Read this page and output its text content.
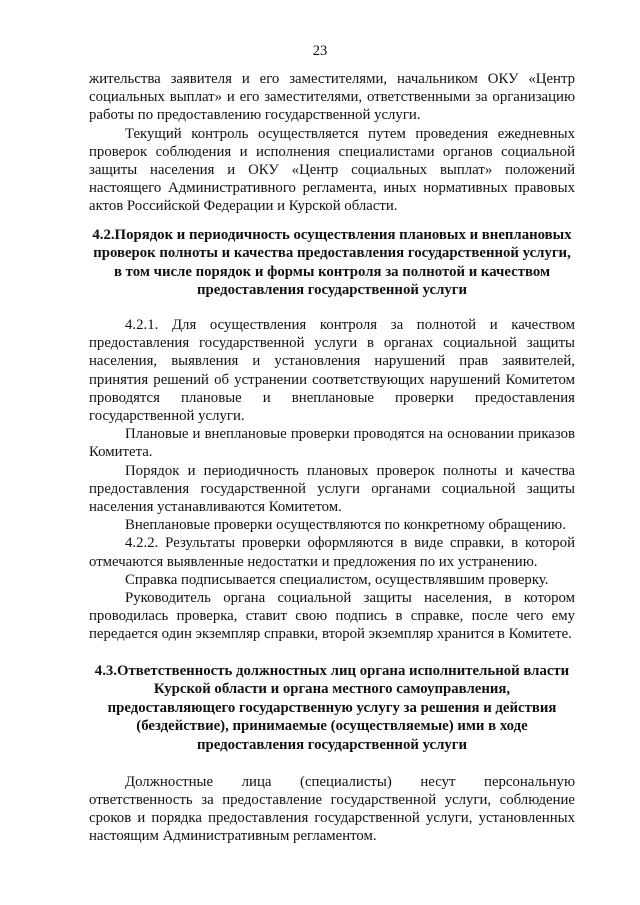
23

жительства заявителя и его заместителями, начальником ОКУ «Центр социальных выплат» и его заместителями, ответственными за организацию работы по предоставлению государственной услуги.

Текущий контроль осуществляется путем проведения ежедневных проверок соблюдения и исполнения специалистами органов социальной защиты населения и ОКУ «Центр социальных выплат» положений настоящего Административного регламента, иных нормативных правовых актов Российской Федерации и Курской области.

4.2.Порядок и периодичность осуществления плановых и внеплановых проверок полноты и качества предоставления государственной услуги, в том числе порядок и формы контроля за полнотой и качеством предоставления государственной услуги

4.2.1. Для осуществления контроля за полнотой и качеством предоставления государственной услуги в органах социальной защиты населения, выявления и установления нарушений прав заявителей, принятия решений об устранении соответствующих нарушений Комитетом проводятся плановые и внеплановые проверки предоставления государственной услуги.

Плановые и внеплановые проверки проводятся на основании приказов Комитета.

Порядок и периодичность плановых проверок полноты и качества предоставления государственной услуги органами социальной защиты населения устанавливаются Комитетом.

Внеплановые проверки осуществляются по конкретному обращению.

4.2.2. Результаты проверки оформляются в виде справки, в которой отмечаются выявленные недостатки и предложения по их устранению.

Справка подписывается специалистом, осуществлявшим проверку.

Руководитель органа социальной защиты населения, в котором проводилась проверка, ставит свою подпись в справке, после чего ему передается один экземпляр справки, второй экземпляр хранится в Комитете.

4.3.Ответственность должностных лиц органа исполнительной власти Курской области и органа местного самоуправления, предоставляющего государственную услугу за решения и действия (бездействие), принимаемые (осуществляемые) ими в ходе предоставления государственной услуги

Должностные лица (специалисты) несут персональную ответственность за предоставление государственной услуги, соблюдение сроков и порядка предоставления государственной услуги, установленных настоящим Административным регламентом.
